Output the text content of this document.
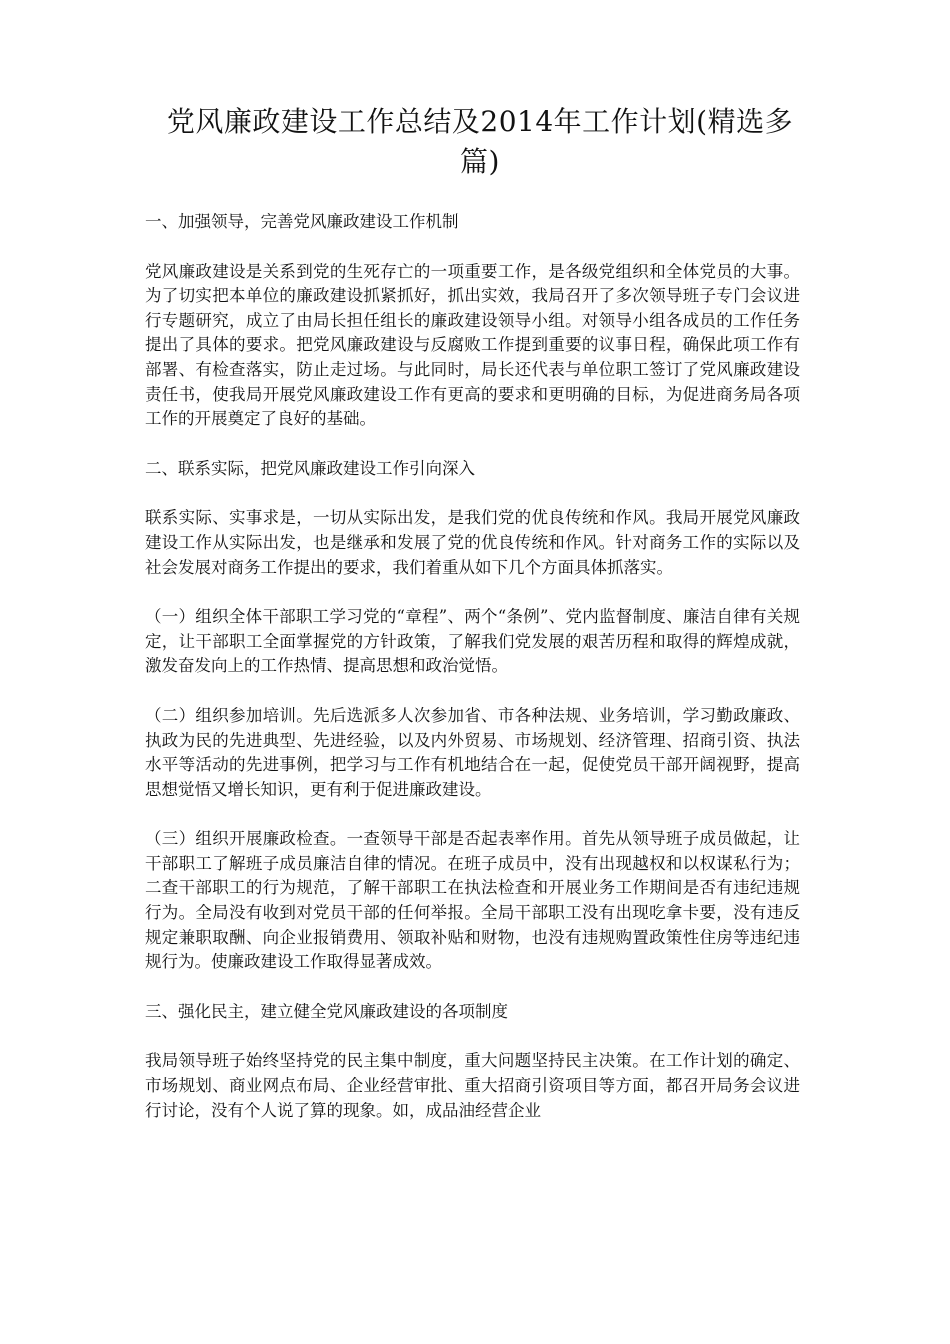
党风廉政建设工作总结及2014年工作计划(精选多篇)

一、加强领导，完善党风廉政建设工作机制

党风廉政建设是关系到党的生死存亡的一项重要工作，是各级党组织和全体党员的大事。为了切实把本单位的廉政建设抓紧抓好，抓出实效，我局召开了多次领导班子专门会议进行专题研究，成立了由局长担任组长的廉政建设领导小组。对领导小组各成员的工作任务提出了具体的要求。把党风廉政建设与反腐败工作提到重要的议事日程，确保此项工作有部署、有检查落实，防止走过场。与此同时，局长还代表与单位职工签订了党风廉政建设责任书，使我局开展党风廉政建设工作有更高的要求和更明确的目标，为促进商务局各项工作的开展奠定了良好的基础。

二、联系实际，把党风廉政建设工作引向深入

联系实际、实事求是，一切从实际出发，是我们党的优良传统和作风。我局开展党风廉政建设工作从实际出发，也是继承和发展了党的优良传统和作风。针对商务工作的实际以及社会发展对商务工作提出的要求，我们着重从如下几个方面具体抓落实。

（一）组织全体干部职工学习党的“章程”、两个“条例”、党内监督制度、廉洁自律有关规定，让干部职工全面掌握党的方针政策，了解我们党发展的艰苦历程和取得的辉煌成就，激发奋发向上的工作热情、提高思想和政治觉悟。

（二）组织参加培训。先后选派多人次参加省、市各种法规、业务培训，学习勤政廉政、执政为民的先进典型、先进经验，以及内外贸易、市场规划、经济管理、招商引资、执法水平等活动的先进事例，把学习与工作有机地结合在一起，促使党员干部开阔视野，提高思想觉悟又增长知识，更有利于促进廉政建设。

（三）组织开展廉政检查。一查领导干部是否起表率作用。首先从领导班子成员做起，让干部职工了解班子成员廉洁自律的情况。在班子成员中，没有出现越权和以权谋私行为；二查干部职工的行为规范，了解干部职工在执法检查和开展业务工作期间是否有违纪违规行为。全局没有收到对党员干部的任何举报。全局干部职工没有出现吃拿卡要，没有违反规定兼职取酬、向企业报销费用、领取补贴和财物，也没有违规购置政策性住房等违纪违规行为。使廉政建设工作取得显著成效。

三、强化民主，建立健全党风廉政建设的各项制度

我局领导班子始终坚持党的民主集中制度，重大问题坚持民主决策。在工作计划的确定、市场规划、商业网点布局、企业经营审批、重大招商引资项目等方面，都召开局务会议进行讨论，没有个人说了算的现象。如，成品油经营企业
